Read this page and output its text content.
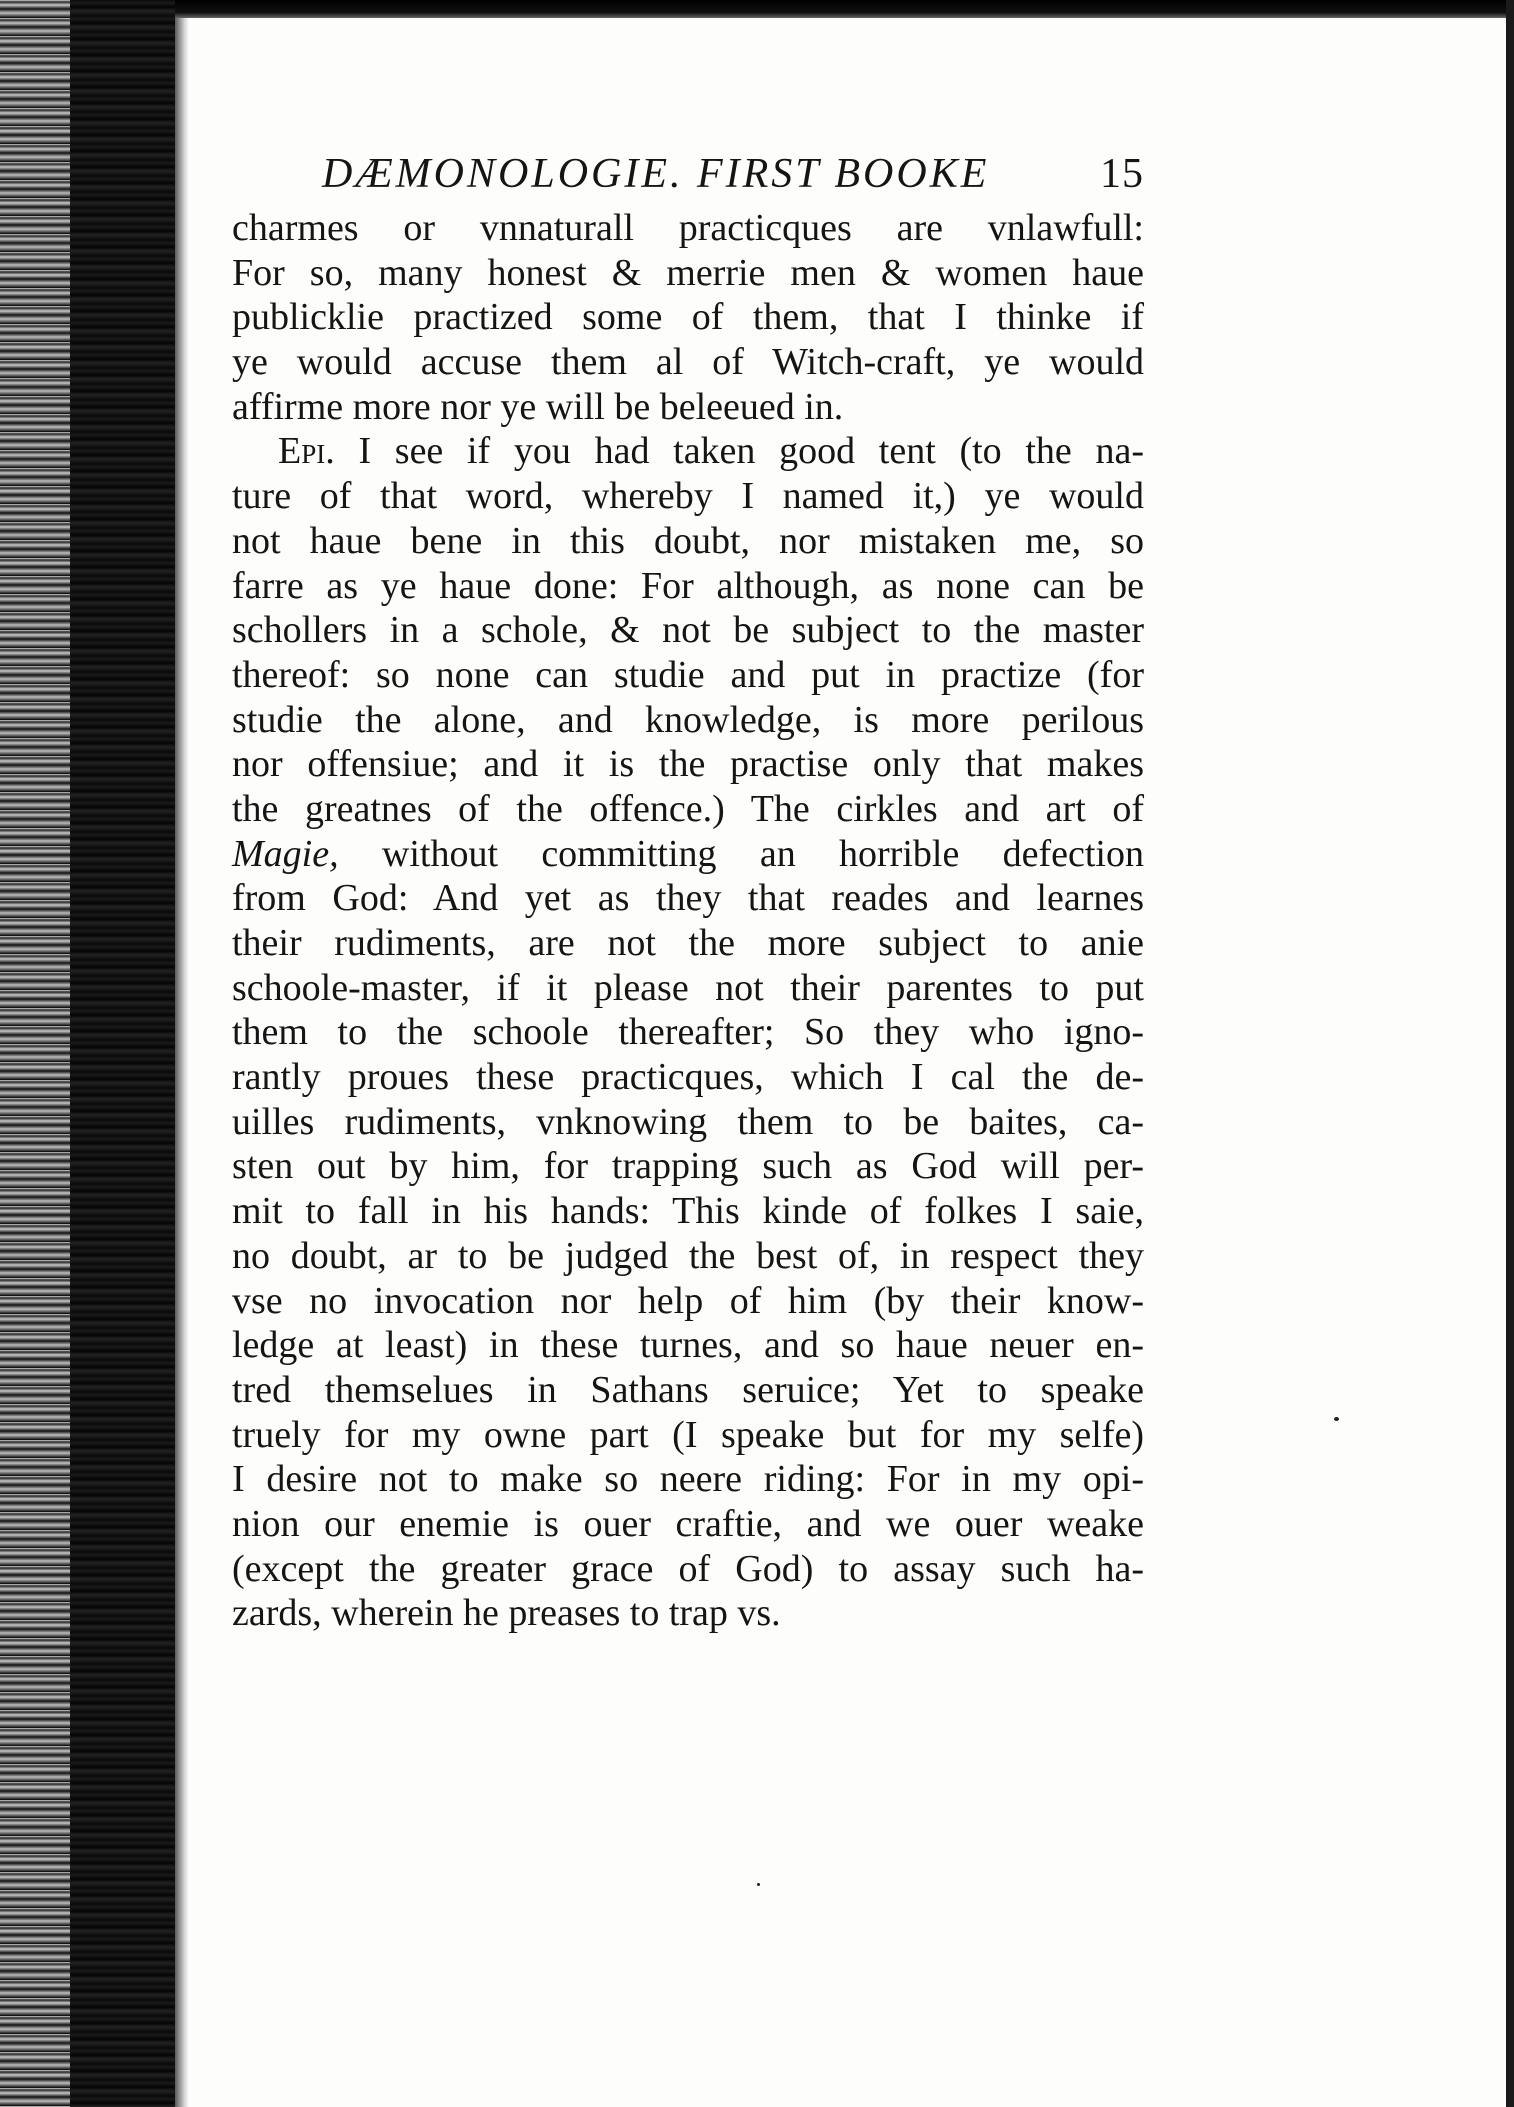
DÆMONOLOGIE. FIRST BOOKE	15
charmes or vnnaturall practicques are vnlawfull:
For so, many honest & merrie men & women haue
publicklie practized some of them, that I thinke if
ye would accuse them al of Witch-craft, ye would
affirme more nor ye will be beleeued in.
Epi. I see if you had taken good tent (to the na-
ture of that word, whereby I named it,) ye would
not haue bene in this doubt, nor mistaken me, so
farre as ye haue done: For although, as none can be
schollers in a schole, & not be subject to the master
thereof: so none can studie and put in practize (for
studie the alone, and knowledge, is more perilous
nor offensiue; and it is the practise only that makes
the greatnes of the offence.) The cirkles and art of
Magie, without committing an horrible defection
from God: And yet as they that reades and learnes
their rudiments, are not the more subject to anie
schoole-master, if it please not their parentes to put
them to the schoole thereafter; So they who igno-
rantly proues these practicques, which I cal the de-
uilles rudiments, vnknowing them to be baites, ca-
sten out by him, for trapping such as God will per-
mit to fall in his hands: This kinde of folkes I saie,
no doubt, ar to be judged the best of, in respect they
vse no invocation nor help of him (by their know-
ledge at least) in these turnes, and so haue neuer en-
tred themselues in Sathans seruice; Yet to speake
truely for my owne part (I speake but for my selfe)
I desire not to make so neere riding: For in my opi-
nion our enemie is ouer craftie, and we ouer weake
(except the greater grace of God) to assay such ha-
zards, wherein he preases to trap vs.
